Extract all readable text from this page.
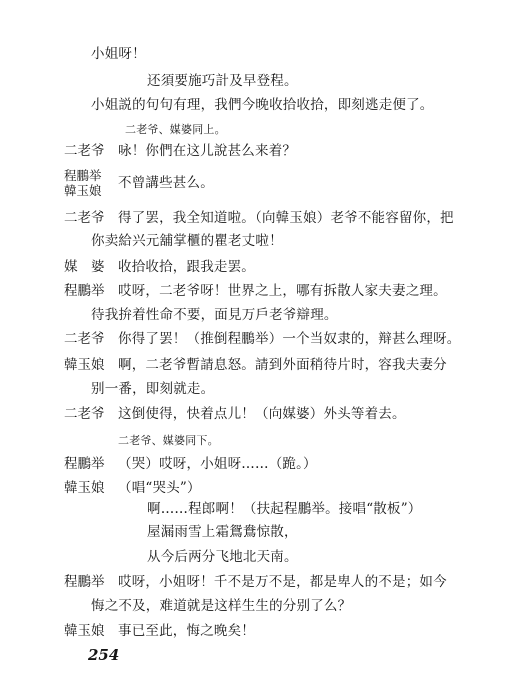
小姐呀！
还須要施巧計及早登程。
小姐説的句句有理，我們今晚收拾收拾，即刻逃走便了。
二老爷、媒婆同上。
二老爷 咏！你們在这儿說甚么来着？
程鵬举
韓玉娘 不曾講些甚么。
二老爷 得了罢，我全知道啦。（向韓玉娘）老爷不能容留你，把
你卖給兴元舖掌櫃的瞿老丈啦！
媒　婆 收拾收拾，跟我走罢。
程鵬举 哎呀，二老爷呀！世界之上，哪有拆散人家夫妻之理。
待我拚着性命不要，面見万戶老爷辯理。
二老爷 你得了罢！（推倒程鵬举）一个当奴隶的，辩甚么理呀。
韓玉娘 啊，二老爷暫請息怒。請到外面稍待片时，容我夫妻分
别一番，即刻就走。
二老爷 这倒使得，快着点儿！（向媒婆）外头等着去。
二老爷、媒婆同下。
程鵬举 （哭）哎呀，小姐呀……（跪。）
韓玉娘 （唱“哭头”）
啊……程郎啊！（扶起程鵬举。接唱“散板”）
屋漏雨雪上霜鴛鴦惊散，
从今后两分飞地北天南。
程鵬举 哎呀，小姐呀！千不是万不是，都是卑人的不是；如今
悔之不及，难道就是这样生生的分别了么？
韓玉娘 事已至此，悔之晚矣！
254
